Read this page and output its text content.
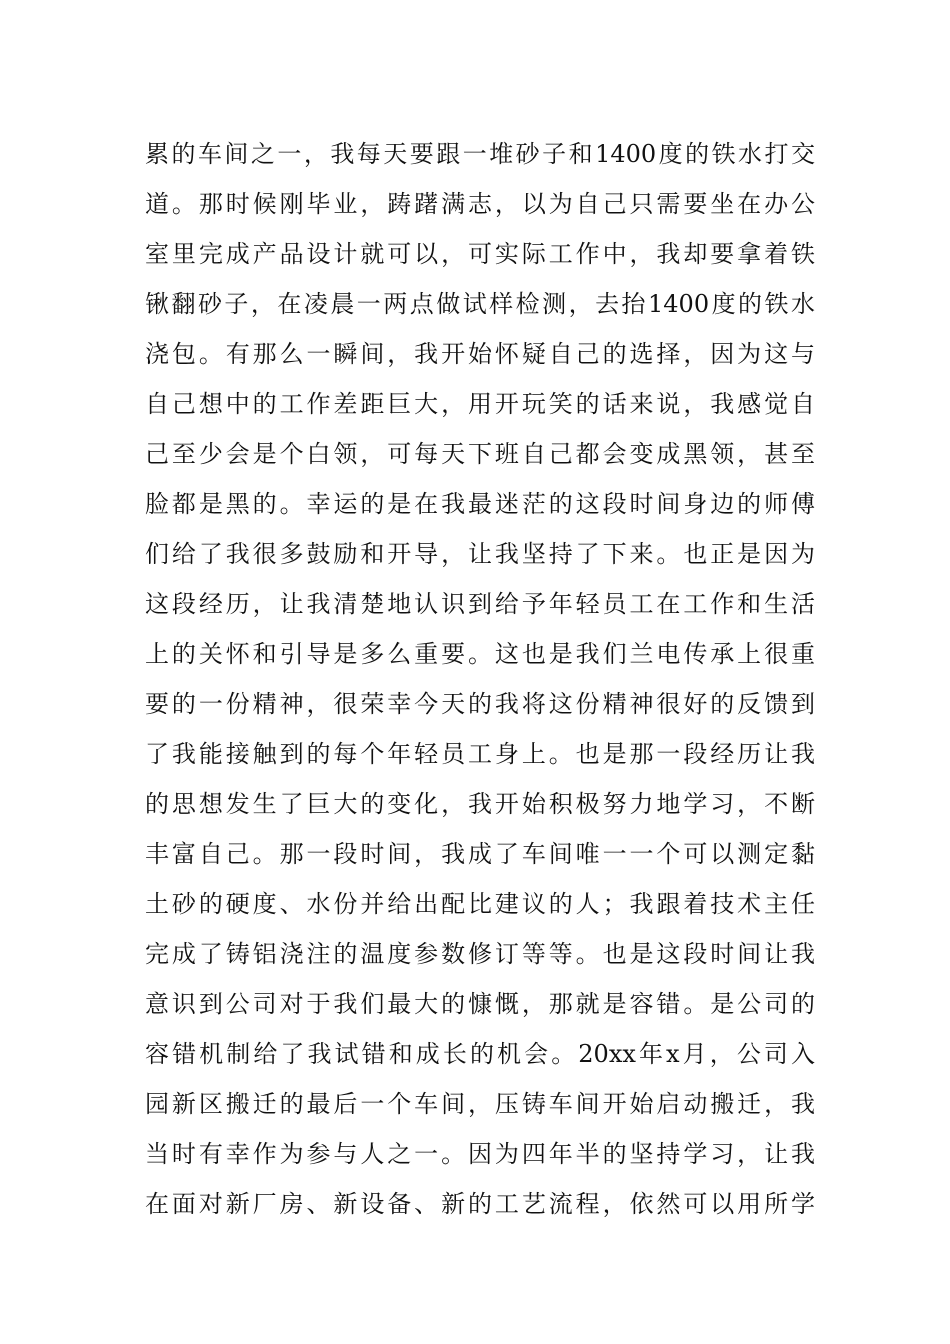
累的车间之一，我每天要跟一堆砂子和1400度的铁水打交
道。那时候刚毕业，踌躇满志，以为自己只需要坐在办公
室里完成产品设计就可以，可实际工作中，我却要拿着铁
锹翻砂子，在凌晨一两点做试样检测，去抬1400度的铁水
浇包。有那么一瞬间，我开始怀疑自己的选择，因为这与
自己想中的工作差距巨大，用开玩笑的话来说，我感觉自
己至少会是个白领，可每天下班自己都会变成黑领，甚至
脸都是黑的。幸运的是在我最迷茫的这段时间身边的师傅
们给了我很多鼓励和开导，让我坚持了下来。也正是因为
这段经历，让我清楚地认识到给予年轻员工在工作和生活
上的关怀和引导是多么重要。这也是我们兰电传承上很重
要的一份精神，很荣幸今天的我将这份精神很好的反馈到
了我能接触到的每个年轻员工身上。也是那一段经历让我
的思想发生了巨大的变化，我开始积极努力地学习，不断
丰富自己。那一段时间，我成了车间唯一一个可以测定黏
土砂的硬度、水份并给出配比建议的人；我跟着技术主任
完成了铸铝浇注的温度参数修订等等。也是这段时间让我
意识到公司对于我们最大的慷慨，那就是容错。是公司的
容错机制给了我试错和成长的机会。20xx年x月，公司入
园新区搬迁的最后一个车间，压铸车间开始启动搬迁，我
当时有幸作为参与人之一。因为四年半的坚持学习，让我
在面对新厂房、新设备、新的工艺流程，依然可以用所学
